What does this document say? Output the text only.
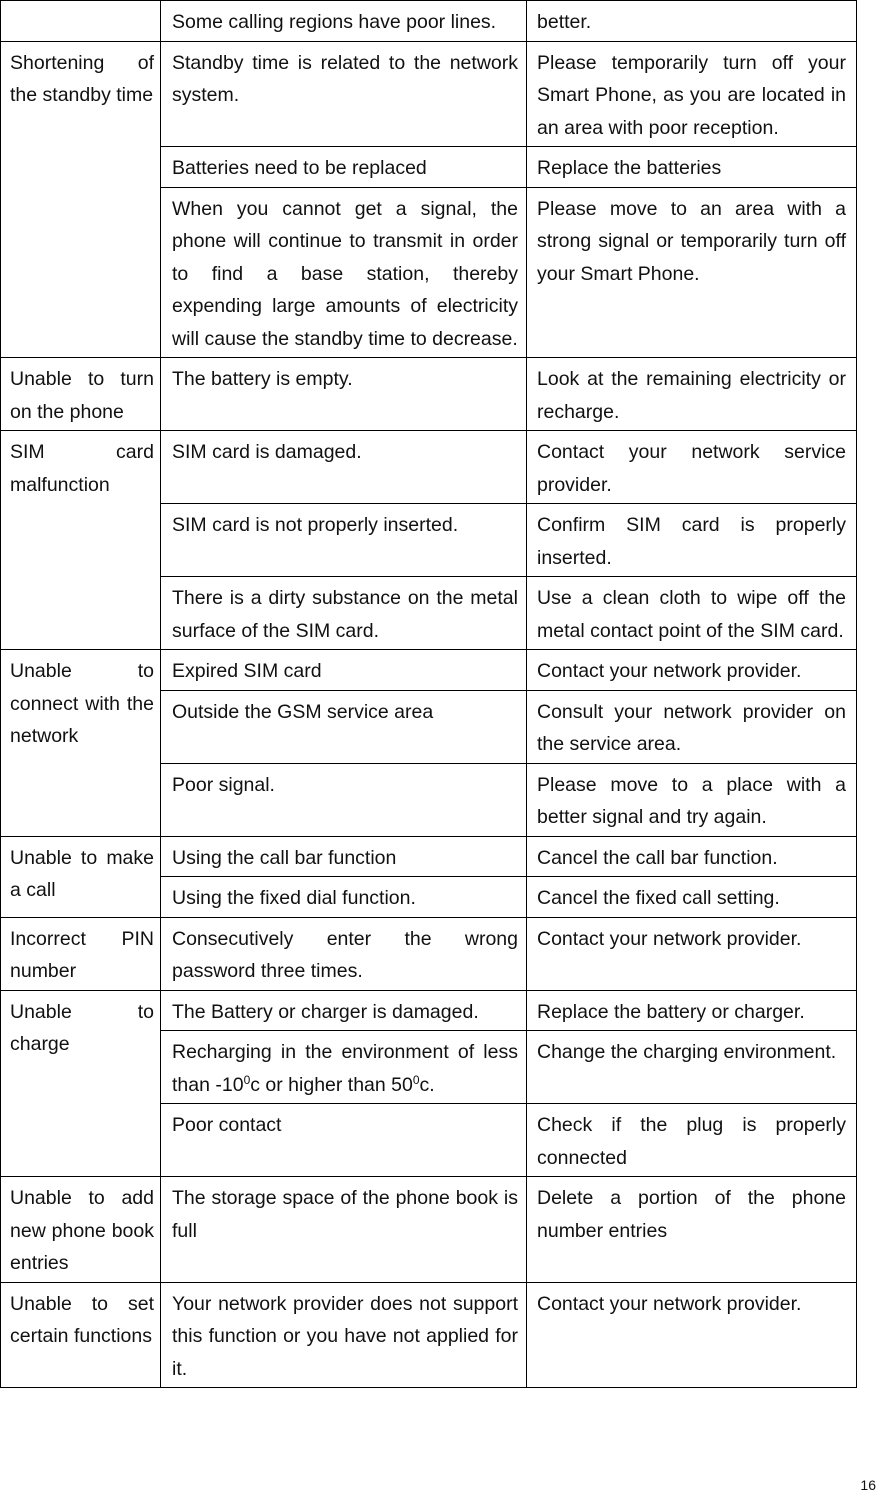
	Some calling regions have poor lines.	better.
Shortening of the standby time	Standby time is related to the network system.	Please temporarily turn off your Smart Phone, as you are located in an area with poor reception.
	Batteries need to be replaced	Replace the batteries
	When you cannot get a signal, the phone will continue to transmit in order to find a base station, thereby expending large amounts of electricity will cause the standby time to decrease.	Please move to an area with a strong signal or temporarily turn off your Smart Phone.
Unable to turn on the phone	The battery is empty.	Look at the remaining electricity or recharge.
SIM card malfunction	SIM card is damaged.	Contact your network service provider.
	SIM card is not properly inserted.	Confirm SIM card is properly inserted.
	There is a dirty substance on the metal surface of the SIM card.	Use a clean cloth to wipe off the metal contact point of the SIM card.
Unable to connect with the network	Expired SIM card	Contact your network provider.
	Outside the GSM service area	Consult your network provider on the service area.
	Poor signal.	Please move to a place with a better signal and try again.
Unable to make a call	Using the call bar function	Cancel the call bar function.
	Using the fixed dial function.	Cancel the fixed call setting.
Incorrect PIN number	Consecutively enter the wrong password three times.	Contact your network provider.
Unable to charge	The Battery or charger is damaged.	Replace the battery or charger.
	Recharging in the environment of less than $-10^0c$ or higher than $50^0c$.	Change the charging environment.
	Poor contact	Check if the plug is properly connected
Unable to add new phone book entries	The storage space of the phone book is full	Delete a portion of the phone number entries
Unable to set certain functions	Your network provider does not support this function or you have not applied for it.	Contact your network provider.
16
